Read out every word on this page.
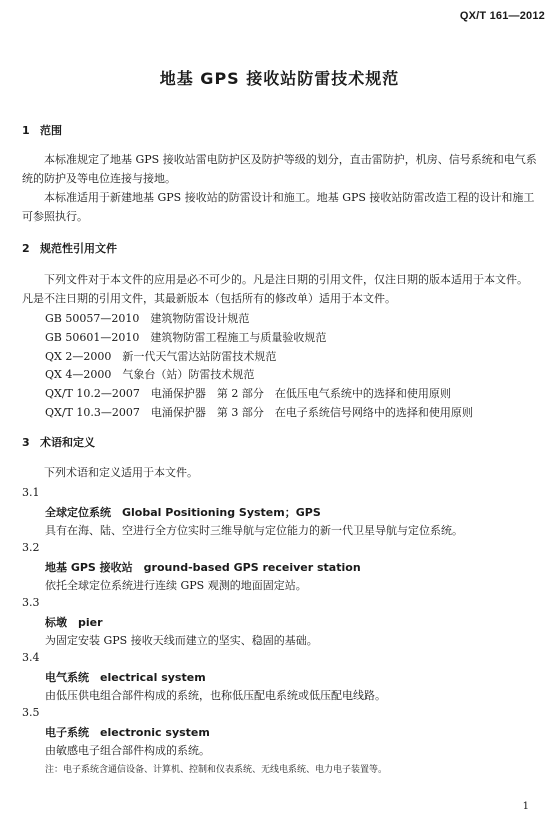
QX/T 161—2012
地基 GPS 接收站防雷技术规范
1 范围
本标准规定了地基 GPS 接收站雷电防护区及防护等级的划分，直击雷防护，机房、信号系统和电气系统的防护及等电位连接与接地。
本标准适用于新建地基 GPS 接收站的防雷设计和施工。地基 GPS 接收站防雷改造工程的设计和施工可参照执行。
2 规范性引用文件
下列文件对于本文件的应用是必不可少的。凡是注日期的引用文件，仅注日期的版本适用于本文件。凡是不注日期的引用文件，其最新版本（包括所有的修改单）适用于本文件。
GB 50057—2010　建筑物防雷设计规范
GB 50601—2010　建筑物防雷工程施工与质量验收规范
QX 2—2000　新一代天气雷达站防雷技术规范
QX 4—2000　气象台（站）防雷技术规范
QX/T 10.2—2007　电涌保护器　第 2 部分　在低压电气系统中的选择和使用原则
QX/T 10.3—2007　电涌保护器　第 3 部分　在电子系统信号网络中的选择和使用原则
3 术语和定义
下列术语和定义适用于本文件。
3.1
全球定位系统　Global Positioning System；GPS
具有在海、陆、空进行全方位实时三维导航与定位能力的新一代卫星导航与定位系统。
3.2
地基 GPS 接收站　ground-based GPS receiver station
依托全球定位系统进行连续 GPS 观测的地面固定站。
3.3
标墩　pier
为固定安装 GPS 接收天线而建立的坚实、稳固的基础。
3.4
电气系统　electrical system
由低压供电组合部件构成的系统，也称低压配电系统或低压配电线路。
3.5
电子系统　electronic system
由敏感电子组合部件构成的系统。
注：电子系统含通信设备、计算机、控制和仪表系统、无线电系统、电力电子装置等。
1
